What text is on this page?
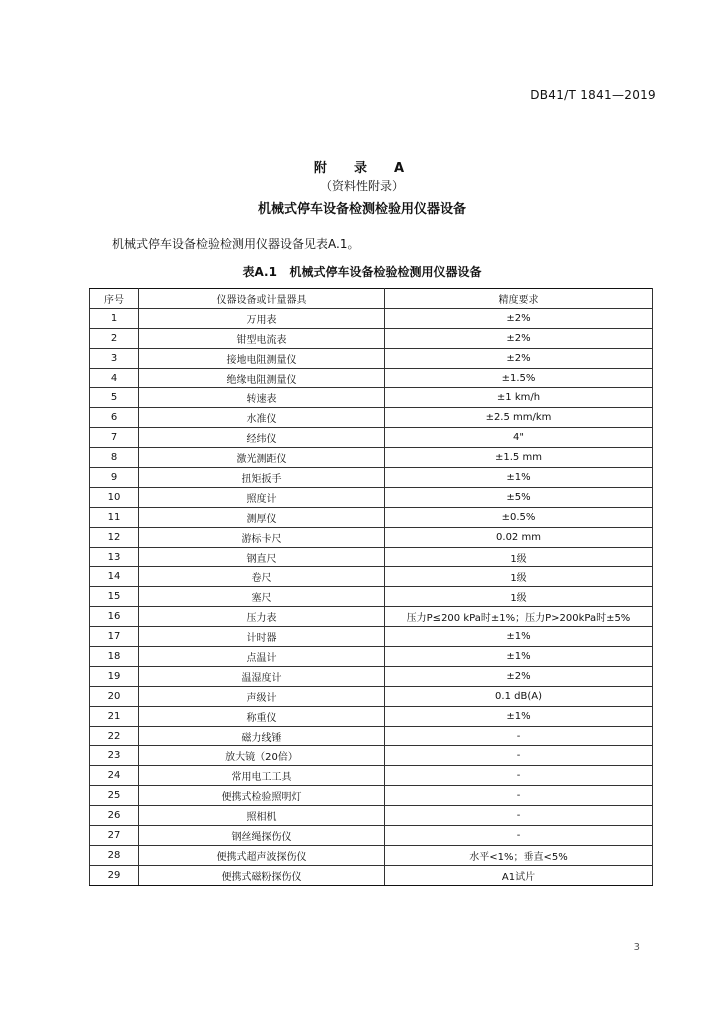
DB41/T 1841—2019
附  录  A
（资料性附录）
机械式停车设备检测检验用仪器设备
机械式停车设备检验检测用仪器设备见表A.1。
表A.1   机械式停车设备检验检测用仪器设备
序号	仪器设备或计量器具	精度要求
1	万用表	±2%
2	钳型电流表	±2%
3	接地电阻测量仪	±2%
4	绝缘电阻测量仪	±1.5%
5	转速表	±1 km/h
6	水准仪	±2.5 mm/km
7	经纬仪	4"
8	激光测距仪	±1.5 mm
9	扭矩扳手	±1%
10	照度计	±5%
11	测厚仪	±0.5%
12	游标卡尺	0.02 mm
13	钢直尺	1级
14	卷尺	1级
15	塞尺	1级
16	压力表	压力P≤200 kPa时±1%；压力P>200kPa时±5%
17	计时器	±1%
18	点温计	±1%
19	温湿度计	±2%
20	声级计	0.1 dB(A)
21	称重仪	±1%
22	磁力线锤	-
23	放大镜（20倍）	-
24	常用电工工具	-
25	便携式检验照明灯	-
26	照相机	-
27	钢丝绳探伤仪	-
28	便携式超声波探伤仪	水平<1%；垂直<5%
29	便携式磁粉探伤仪	A1试片
3
